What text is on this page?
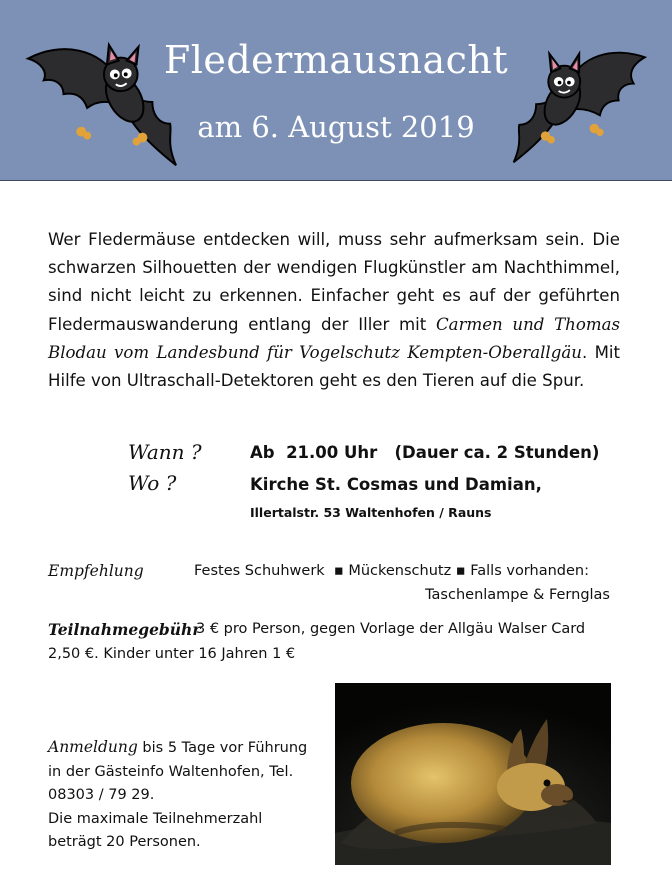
Fledermausnacht
am 6. August 2019

Wer Fledermäuse entdecken will, muss sehr aufmerksam sein. Die schwarzen Silhouetten der wendigen Flugkünstler am Nachthimmel, sind nicht leicht zu erkennen. Einfacher geht es auf der geführten Fledermauswanderung entlang der Iller mit Carmen und Thomas Blodau vom Landesbund für Vogelschutz Kempten-Oberallgäu. Mit Hilfe von Ultraschall-Detektoren geht es den Tieren auf die Spur.

Wann ?	Ab  21.00 Uhr   (Dauer ca. 2 Stunden)
Wo ?	Kirche St. Cosmas und Damian,
Illertalstr. 53 Waltenhofen / Rauns
Empfehlung	Festes Schuhwerk  ▪ Mückenschutz ▪ Falls vorhanden:
Taschenlampe & Fernglas
Teilnahmegebühr
3 € pro Person, gegen Vorlage der Allgäu Walser Card
2,50 €. Kinder unter 16 Jahren 1 €
Anmeldung bis 5 Tage vor Führung
in der Gästeinfo Waltenhofen, Tel.
08303 / 79 29.
Die maximale Teilnehmerzahl
beträgt 20 Personen.
